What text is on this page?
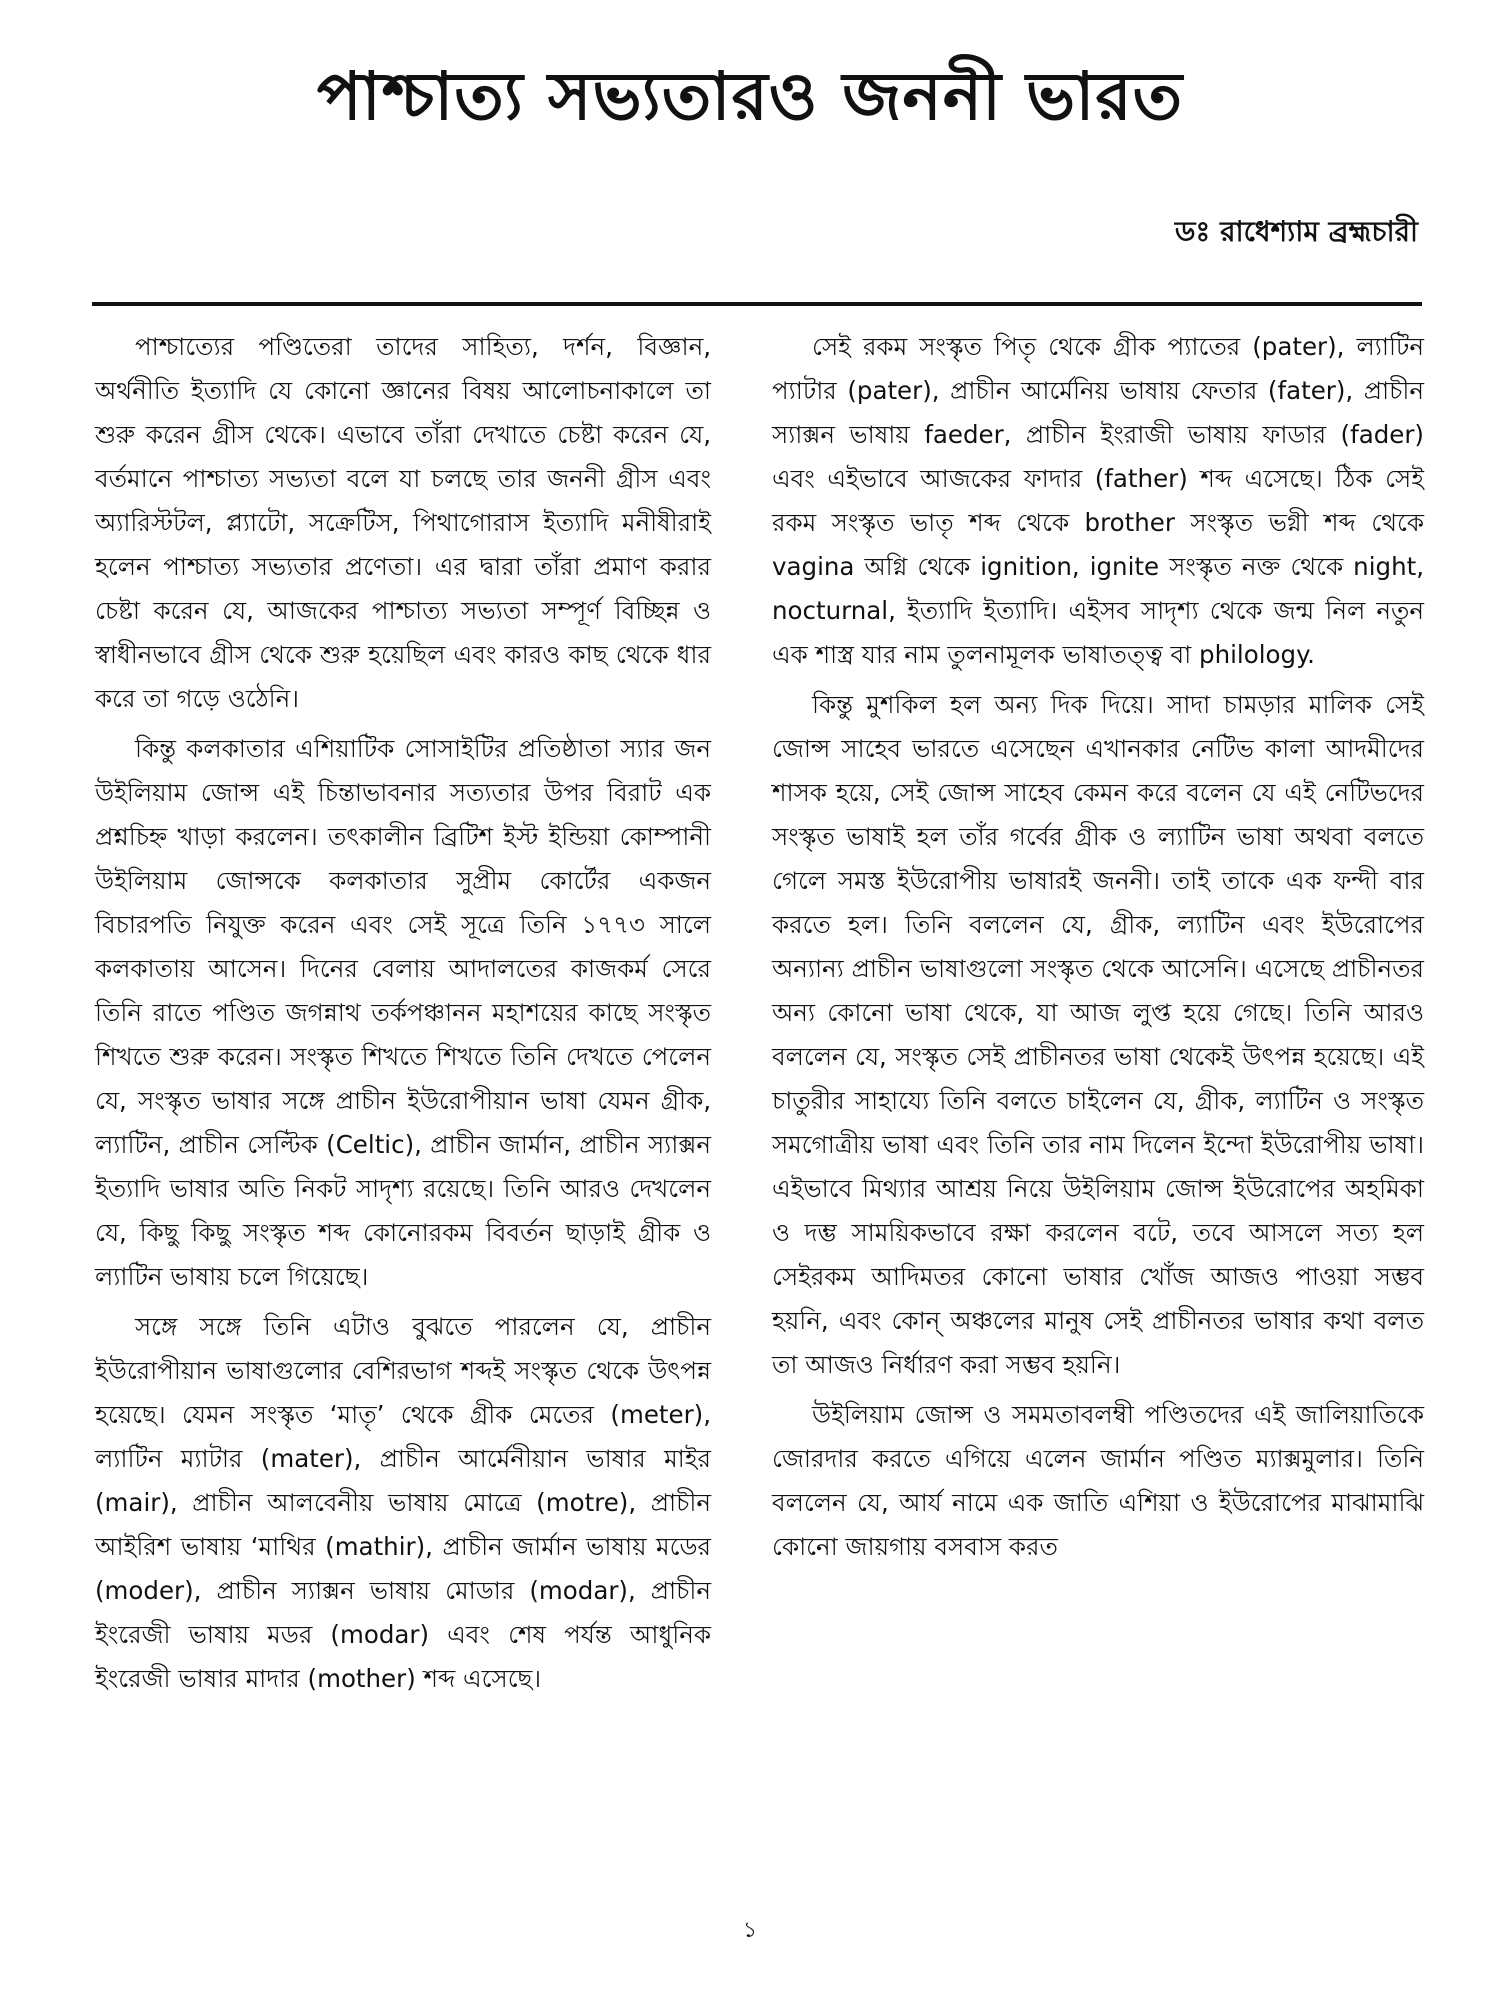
পাশ্চাত্য সভ্যতারও জননী ভারত
ডঃ রাধেশ্যাম ব্রহ্মচারী

পাশ্চাত্যের পণ্ডিতেরা তাদের সাহিত্য, দর্শন, বিজ্ঞান, অর্থনীতি ইত্যাদি যে কোনো জ্ঞানের বিষয় আলোচনাকালে তা শুরু করেন গ্রীস থেকে। এভাবে তাঁরা দেখাতে চেষ্টা করেন যে, বর্তমানে পাশ্চাত্য সভ্যতা বলে যা চলছে তার জননী গ্রীস এবং অ্যারিস্টটল, প্ল্যাটো, সক্রেটিস, পিথাগোরাস ইত্যাদি মনীষীরাই হলেন পাশ্চাত্য সভ্যতার প্রণেতা। এর দ্বারা তাঁরা প্রমাণ করার চেষ্টা করেন যে, আজকের পাশ্চাত্য সভ্যতা সম্পূর্ণ বিচ্ছিন্ন ও স্বাধীনভাবে গ্রীস থেকে শুরু হয়েছিল এবং কারও কাছ থেকে ধার করে তা গড়ে ওঠেনি।

কিন্তু কলকাতার এশিয়াটিক সোসাইটির প্রতিষ্ঠাতা স্যার জন উইলিয়াম জোন্স এই চিন্তাভাবনার সত্যতার উপর বিরাট এক প্রশ্নচিহ্ন খাড়া করলেন। তৎকালীন ব্রিটিশ ইস্ট ইন্ডিয়া কোম্পানী উইলিয়াম জোন্সকে কলকাতার সুপ্রীম কোর্টের একজন বিচারপতি নিযুক্ত করেন এবং সেই সূত্রে তিনি ১৭৭৩ সালে কলকাতায় আসেন। দিনের বেলায় আদালতের কাজকর্ম সেরে তিনি রাতে পণ্ডিত জগন্নাথ তর্কপঞ্চানন মহাশয়ের কাছে সংস্কৃত শিখতে শুরু করেন। সংস্কৃত শিখতে শিখতে তিনি দেখতে পেলেন যে, সংস্কৃত ভাষার সঙ্গে প্রাচীন ইউরোপীয়ান ভাষা যেমন গ্রীক, ল্যাটিন, প্রাচীন সেল্টিক (Celtic), প্রাচীন জার্মান, প্রাচীন স্যাক্সন ইত্যাদি ভাষার অতি নিকট সাদৃশ্য রয়েছে। তিনি আরও দেখলেন যে, কিছু কিছু সংস্কৃত শব্দ কোনোরকম বিবর্তন ছাড়াই গ্রীক ও ল্যাটিন ভাষায় চলে গিয়েছে।

সঙ্গে সঙ্গে তিনি এটাও বুঝতে পারলেন যে, প্রাচীন ইউরোপীয়ান ভাষাগুলোর বেশিরভাগ শব্দই সংস্কৃত থেকে উৎপন্ন হয়েছে। যেমন সংস্কৃত ‘মাতৃ’ থেকে গ্রীক মেতের (meter), ল্যাটিন ম্যাটার (mater), প্রাচীন আর্মেনীয়ান ভাষার মাইর (mair), প্রাচীন আলবেনীয় ভাষায় মোত্রে (motre), প্রাচীন আইরিশ ভাষায় ‘মাথির (mathir), প্রাচীন জার্মান ভাষায় মডের (moder), প্রাচীন স্যাক্সন ভাষায় মোডার (modar), প্রাচীন ইংরেজী ভাষায় মডর (modar) এবং শেষ পর্যন্ত আধুনিক ইংরেজী ভাষার মাদার (mother) শব্দ এসেছে।

সেই রকম সংস্কৃত পিতৃ থেকে গ্রীক প্যাতের (pater), ল্যাটিন প্যাটার (pater), প্রাচীন আর্মেনিয় ভাষায় ফেতার (fater), প্রাচীন স্যাক্সন ভাষায় faeder, প্রাচীন ইংরাজী ভাষায় ফাডার (fader) এবং এইভাবে আজকের ফাদার (father) শব্দ এসেছে। ঠিক সেই রকম সংস্কৃত ভাতৃ শব্দ থেকে brother সংস্কৃত ভগ্নী শব্দ থেকে vagina অগ্নি থেকে ignition, ignite সংস্কৃত নক্ত থেকে night, nocturnal, ইত্যাদি ইত্যাদি। এইসব সাদৃশ্য থেকে জন্ম নিল নতুন এক শাস্ত্র যার নাম তুলনামূলক ভাষাতত্ত্ব বা philology.

কিন্তু মুশকিল হল অন্য দিক দিয়ে। সাদা চামড়ার মালিক সেই জোন্স সাহেব ভারতে এসেছেন এখানকার নেটিভ কালা আদমীদের শাসক হয়ে, সেই জোন্স সাহেব কেমন করে বলেন যে এই নেটিভদের সংস্কৃত ভাষাই হল তাঁর গর্বের গ্রীক ও ল্যাটিন ভাষা অথবা বলতে গেলে সমস্ত ইউরোপীয় ভাষারই জননী। তাই তাকে এক ফন্দী বার করতে হল। তিনি বললেন যে, গ্রীক, ল্যাটিন এবং ইউরোপের অন্যান্য প্রাচীন ভাষাগুলো সংস্কৃত থেকে আসেনি। এসেছে প্রাচীনতর অন্য কোনো ভাষা থেকে, যা আজ লুপ্ত হয়ে গেছে। তিনি আরও বললেন যে, সংস্কৃত সেই প্রাচীনতর ভাষা থেকেই উৎপন্ন হয়েছে। এই চাতুরীর সাহায্যে তিনি বলতে চাইলেন যে, গ্রীক, ল্যাটিন ও সংস্কৃত সমগোত্রীয় ভাষা এবং তিনি তার নাম দিলেন ইন্দো ইউরোপীয় ভাষা। এইভাবে মিথ্যার আশ্রয় নিয়ে উইলিয়াম জোন্স ইউরোপের অহমিকা ও দম্ভ সাময়িকভাবে রক্ষা করলেন বটে, তবে আসলে সত্য হল সেইরকম আদিমতর কোনো ভাষার খোঁজ আজও পাওয়া সম্ভব হয়নি, এবং কোন্ অঞ্চলের মানুষ সেই প্রাচীনতর ভাষার কথা বলত তা আজও নির্ধারণ করা সম্ভব হয়নি।

উইলিয়াম জোন্স ও সমমতাবলম্বী পণ্ডিতদের এই জালিয়াতিকে জোরদার করতে এগিয়ে এলেন জার্মান পণ্ডিত ম্যাক্সমুলার। তিনি বললেন যে, আর্য নামে এক জাতি এশিয়া ও ইউরোপের মাঝামাঝি কোনো জায়গায় বসবাস করত

১
